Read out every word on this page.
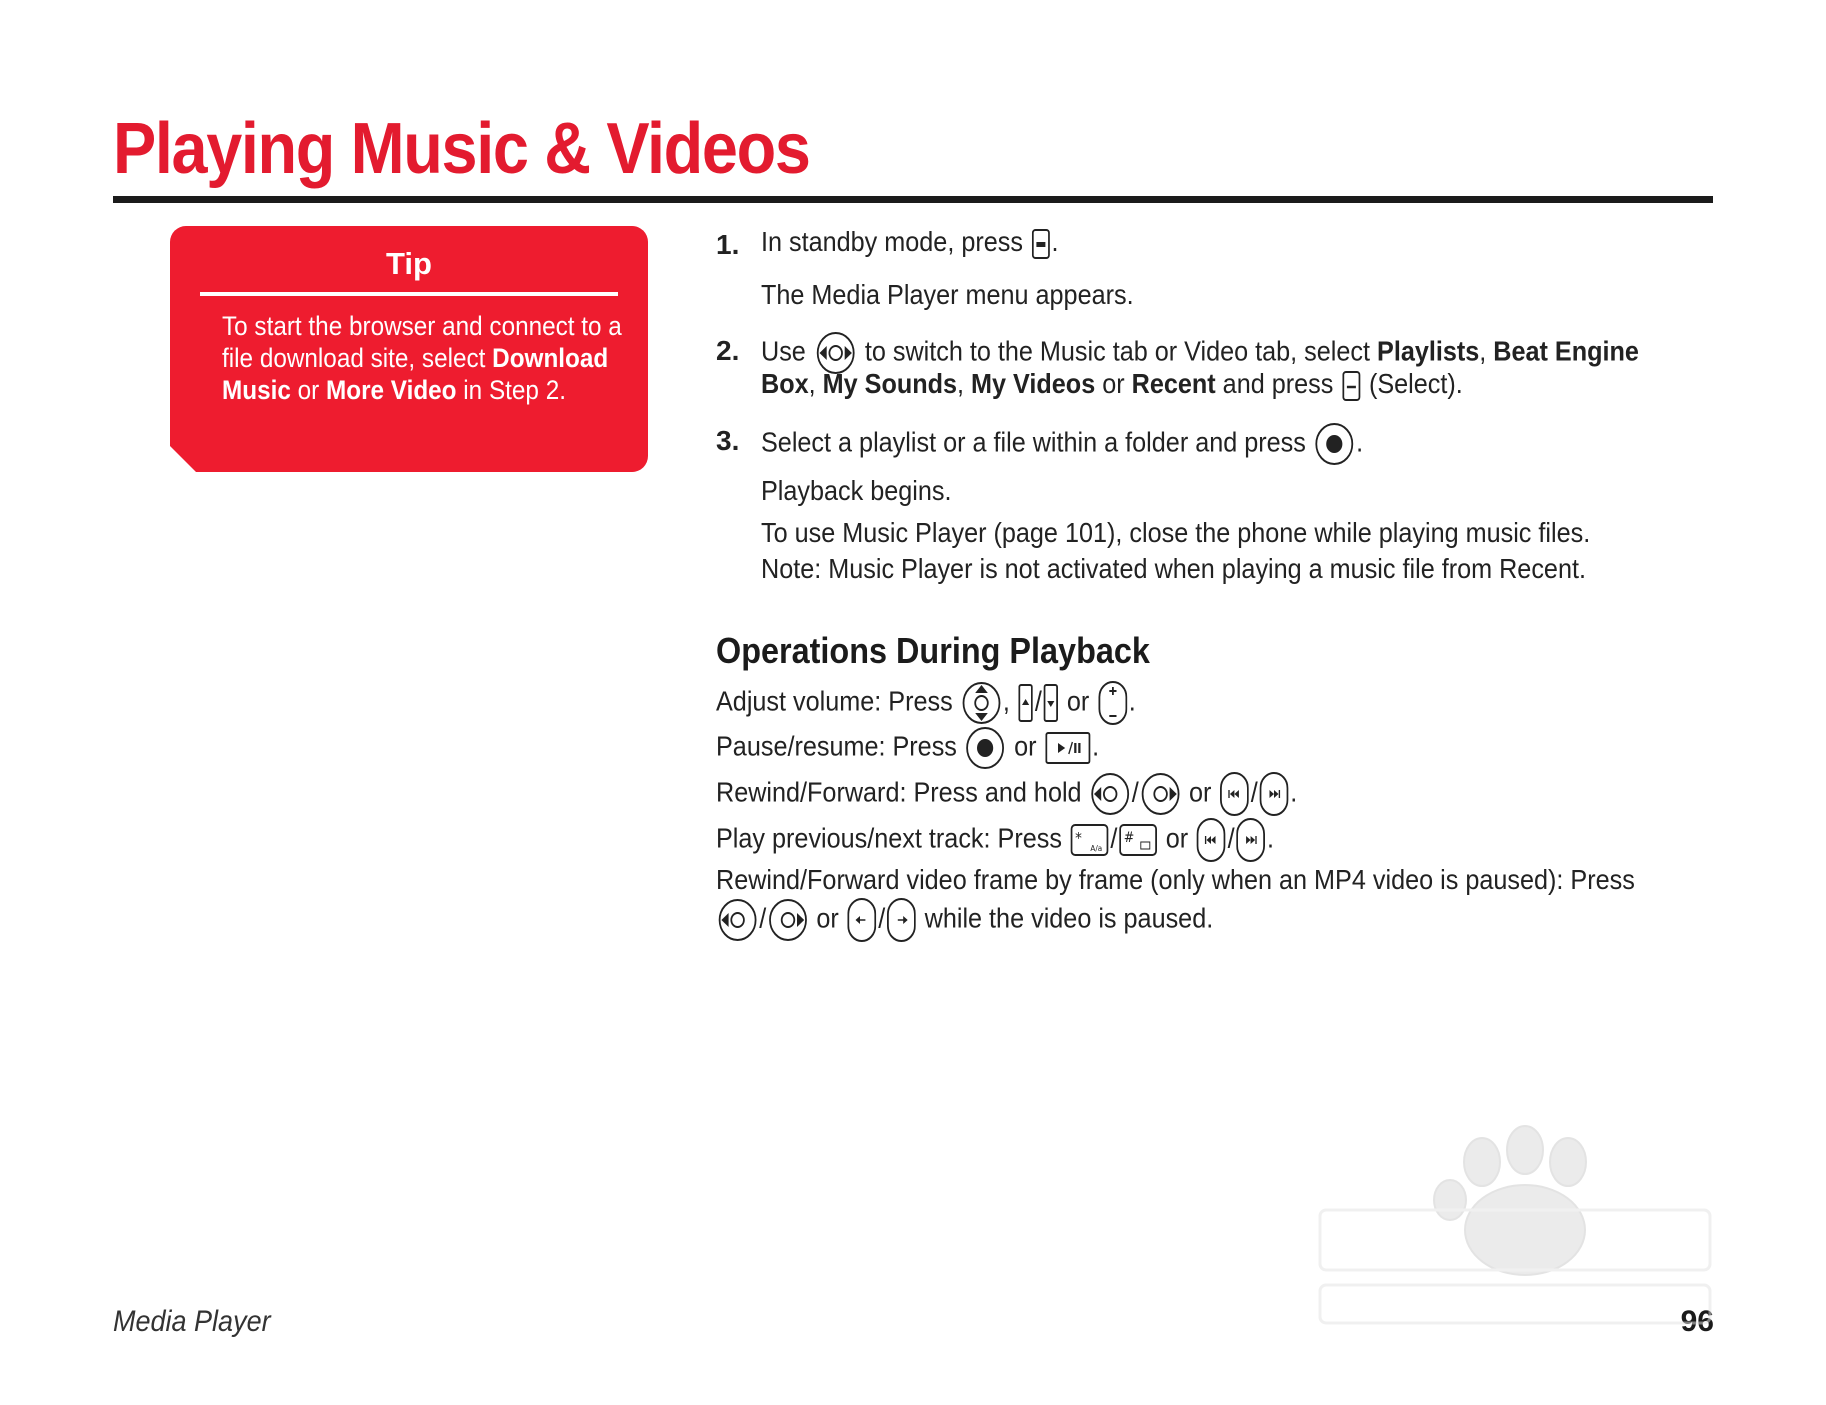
Playing Music & Videos
Tip
To start the browser and connect to a file download site, select Download Music or More Video in Step 2.
1. In standby mode, press
.
The Media Player menu appears.
2. Use
to switch to the Music tab or Video tab, select Playlists, Beat Engine
Box, My Sounds, My Videos or Recent and press
(Select).
3. Select a playlist or a file within a folder and press
.
Playback begins.
To use Music Player (page 101), close the phone while playing music files.
Note: Music Player is not activated when playing a music file from Recent.
Operations During Playback
Adjust volume: Press
,
/
or
.
Pause/resume: Press
or
.
Rewind/Forward: Press and hold
/
or
/ .
Play previous/next track: Press *
A/a / # or
/ .
Rewind/Forward video frame by frame (only when an MP4 video is paused): Press
/
or
/
while the video is paused.
Media Player	96
